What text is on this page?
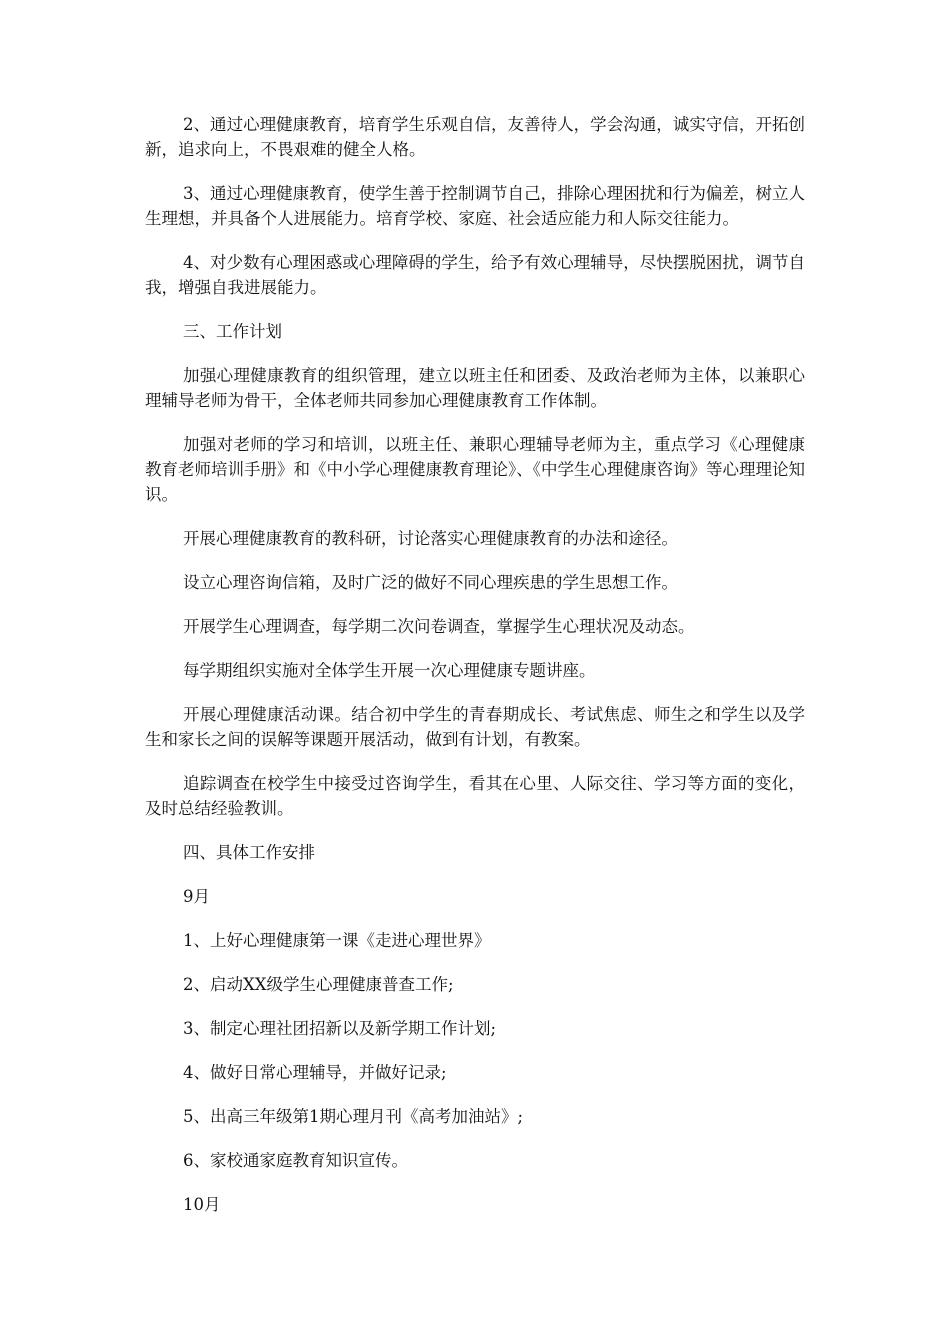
2、通过心理健康教育，培育学生乐观自信，友善待人，学会沟通，诚实守信，开拓创新，追求向上，不畏艰难的健全人格。

3、通过心理健康教育，使学生善于控制调节自己，排除心理困扰和行为偏差，树立人生理想，并具备个人进展能力。培育学校、家庭、社会适应能力和人际交往能力。

4、对少数有心理困惑或心理障碍的学生，给予有效心理辅导，尽快摆脱困扰，调节自我，增强自我进展能力。

三、工作计划

加强心理健康教育的组织管理，建立以班主任和团委、及政治老师为主体，以兼职心理辅导老师为骨干，全体老师共同参加心理健康教育工作体制。

加强对老师的学习和培训，以班主任、兼职心理辅导老师为主，重点学习《心理健康教育老师培训手册》和《中小学心理健康教育理论》、《中学生心理健康咨询》等心理理论知识。

开展心理健康教育的教科研，讨论落实心理健康教育的办法和途径。

设立心理咨询信箱，及时广泛的做好不同心理疾患的学生思想工作。

开展学生心理调查，每学期二次问卷调查，掌握学生心理状况及动态。

每学期组织实施对全体学生开展一次心理健康专题讲座。

开展心理健康活动课。结合初中学生的青春期成长、考试焦虑、师生之和学生以及学生和家长之间的误解等课题开展活动，做到有计划，有教案。

追踪调查在校学生中接受过咨询学生，看其在心里、人际交往、学习等方面的变化，及时总结经验教训。

四、具体工作安排

9月

1、上好心理健康第一课《走进心理世界》

2、启动XX级学生心理健康普查工作;

3、制定心理社团招新以及新学期工作计划;

4、做好日常心理辅导，并做好记录;

5、出高三年级第1期心理月刊《高考加油站》;

6、家校通家庭教育知识宣传。

10月
